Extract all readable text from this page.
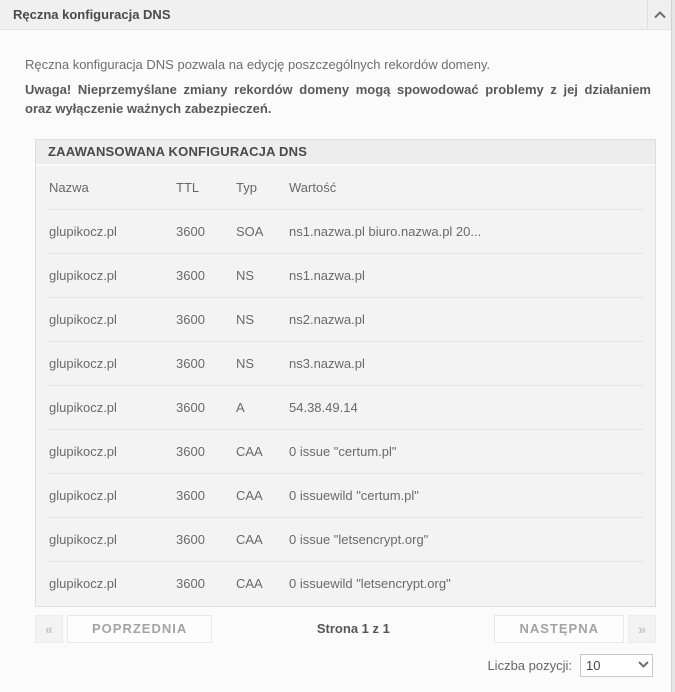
Ręczna konfiguracja DNS
Ręczna konfiguracja DNS pozwala na edycję poszczególnych rekordów domeny.
Uwaga! Nieprzemyślane zmiany rekordów domeny mogą spowodować problemy z jej działaniem oraz wyłączenie ważnych zabezpieczeń.
ZAAWANSOWANA KONFIGURACJA DNS
Nazwa	TTL	Typ	Wartość
glupikocz.pl	3600	SOA	ns1.nazwa.pl biuro.nazwa.pl 20...
glupikocz.pl	3600	NS	ns1.nazwa.pl
glupikocz.pl	3600	NS	ns2.nazwa.pl
glupikocz.pl	3600	NS	ns3.nazwa.pl
glupikocz.pl	3600	A	54.38.49.14
glupikocz.pl	3600	CAA	0 issue "certum.pl"
glupikocz.pl	3600	CAA	0 issuewild "certum.pl"
glupikocz.pl	3600	CAA	0 issue "letsencrypt.org"
glupikocz.pl	3600	CAA	0 issuewild "letsencrypt.org"
«	POPRZEDNIA	Strona 1 z 1	NASTĘPNA	»
Liczba pozycji:
10
